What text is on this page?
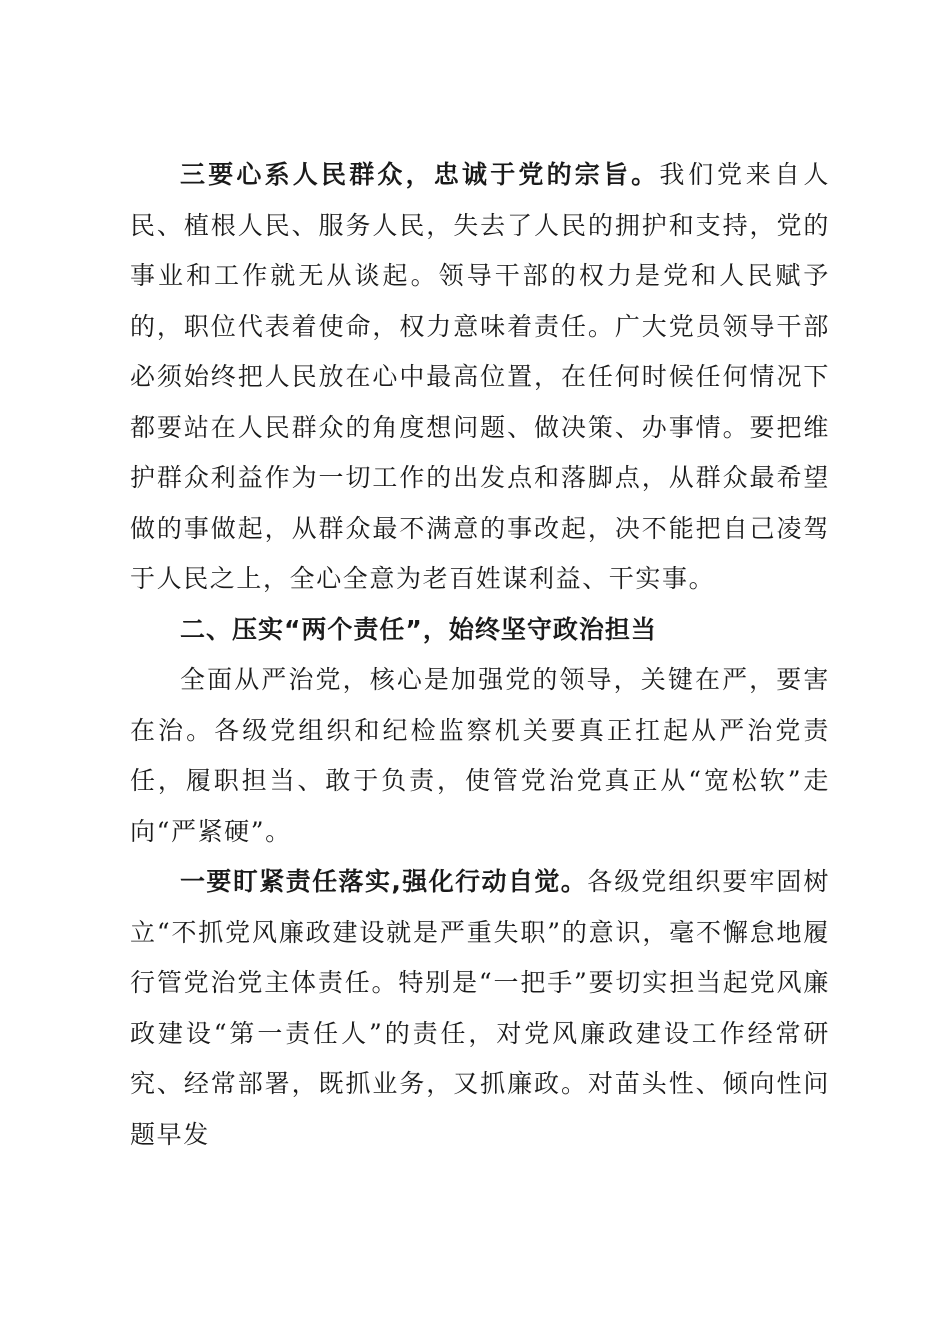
三要心系人民群众，忠诚于党的宗旨。我们党来自人民、植根人民、服务人民，失去了人民的拥护和支持，党的事业和工作就无从谈起。领导干部的权力是党和人民赋予的，职位代表着使命，权力意味着责任。广大党员领导干部必须始终把人民放在心中最高位置，在任何时候任何情况下都要站在人民群众的角度想问题、做决策、办事情。要把维护群众利益作为一切工作的出发点和落脚点，从群众最希望做的事做起，从群众最不满意的事改起，决不能把自己凌驾于人民之上，全心全意为老百姓谋利益、干实事。

二、压实“两个责任”，始终坚守政治担当

全面从严治党，核心是加强党的领导，关键在严，要害在治。各级党组织和纪检监察机关要真正扛起从严治党责任，履职担当、敢于负责，使管党治党真正从“宽松软”走向“严紧硬”。

一要盯紧责任落实,强化行动自觉。各级党组织要牢固树立“不抓党风廉政建设就是严重失职”的意识，毫不懈怠地履行管党治党主体责任。特别是“一把手”要切实担当起党风廉政建设“第一责任人”的责任，对党风廉政建设工作经常研究、经常部署，既抓业务，又抓廉政。对苗头性、倾向性问题早发
